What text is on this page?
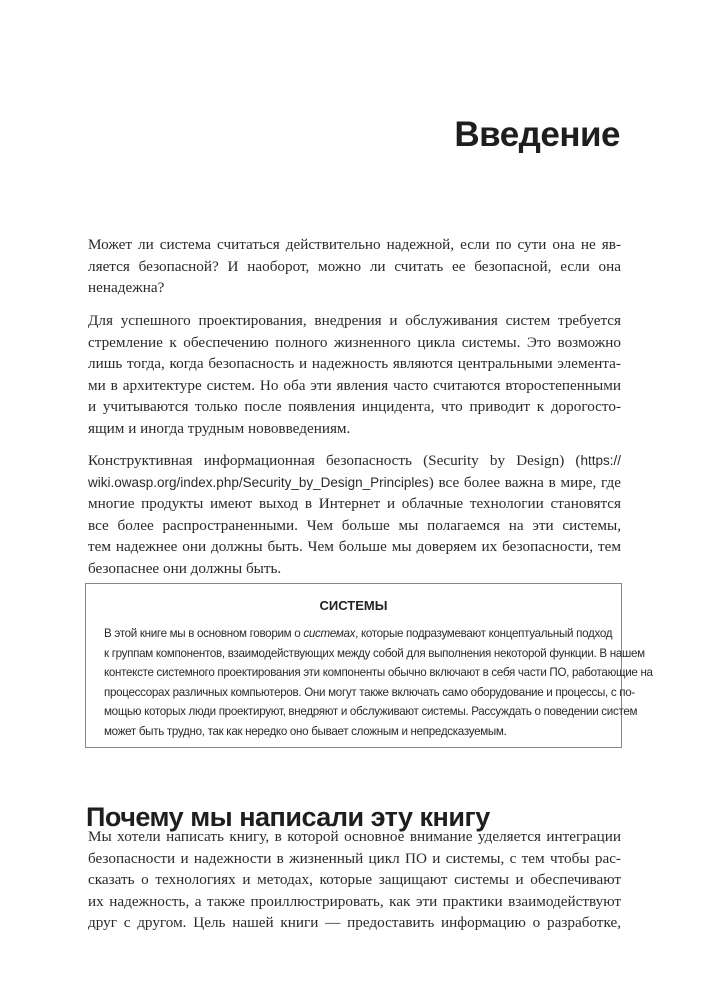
Введение
Может ли система считаться действительно надежной, если по сути она не яв-
ляется безопасной? И наоборот, можно ли считать ее безопасной, если она
ненадежна?
Для успешного проектирования, внедрения и обслуживания систем требуется
стремление к обеспечению полного жизненного цикла системы. Это возможно
лишь тогда, когда безопасность и надежность являются центральными элемента-
ми в архитектуре систем. Но оба эти явления часто считаются второстепенными
и учитываются только после появления инцидента, что приводит к дорогосто-
ящим и иногда трудным нововведениям.
Конструктивная информационная безопасность (Security by Design) (https://
wiki.owasp.org/index.php/Security_by_Design_Principles) все более важна в мире, где
многие продукты имеют выход в Интернет и облачные технологии становятся
все более распространенными. Чем больше мы полагаемся на эти системы,
тем надежнее они должны быть. Чем больше мы доверяем их безопасности, тем
безопаснее они должны быть.
СИСТЕМЫ
В этой книге мы в основном говорим о системах, которые подразумевают концептуальный подход
к группам компонентов, взаимодействующих между собой для выполнения некоторой функции. В нашем
контексте системного проектирования эти компоненты обычно включают в себя части ПО, работающие на
процессорах различных компьютеров. Они могут также включать само оборудование и процессы, с по-
мощью которых люди проектируют, внедряют и обслуживают системы. Рассуждать о поведении систем
может быть трудно, так как нередко оно бывает сложным и непредсказуемым.
Почему мы написали эту книгу
Мы хотели написать книгу, в которой основное внимание уделяется интеграции
безопасности и надежности в жизненный цикл ПО и системы, с тем чтобы рас-
сказать о технологиях и методах, которые защищают системы и обеспечивают
их надежность, а также проиллюстрировать, как эти практики взаимодействуют
друг с другом. Цель нашей книги — предоставить информацию о разработке,
